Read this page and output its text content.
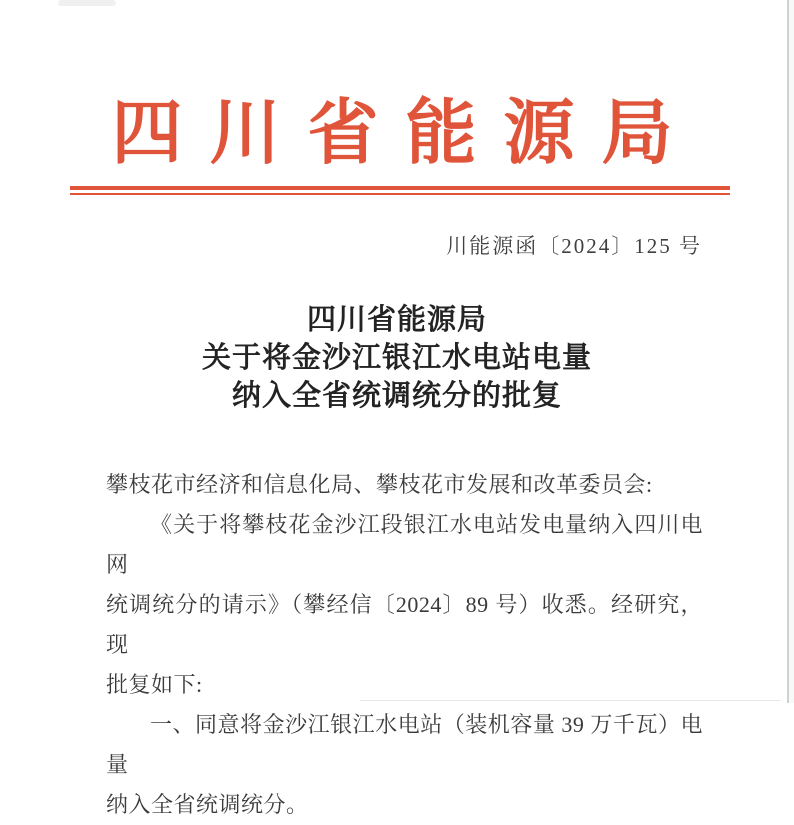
四川省能源局
川能源函〔2024〕125 号
四川省能源局
关于将金沙江银江水电站电量
纳入全省统调统分的批复
攀枝花市经济和信息化局、攀枝花市发展和改革委员会:
《关于将攀枝花金沙江段银江水电站发电量纳入四川电网
统调统分的请示》（攀经信〔2024〕89 号）收悉。经研究，现
批复如下:
一、同意将金沙江银江水电站（装机容量 39 万千瓦）电量
纳入全省统调统分。
